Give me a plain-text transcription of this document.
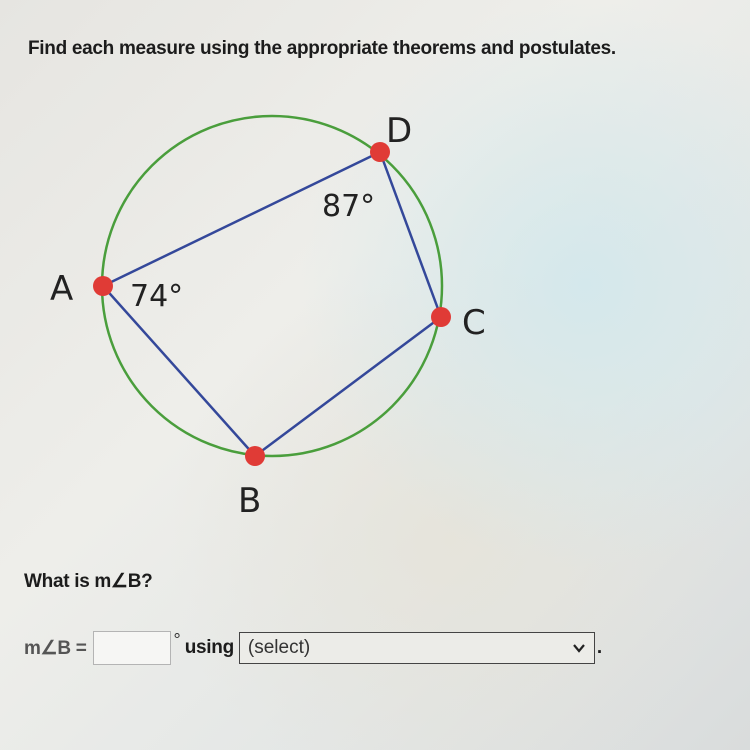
Find each measure using the appropriate theorems and postulates.

A
D
C
B
74°
87°

What is m∠B?

m∠B =	° using (select)	.
